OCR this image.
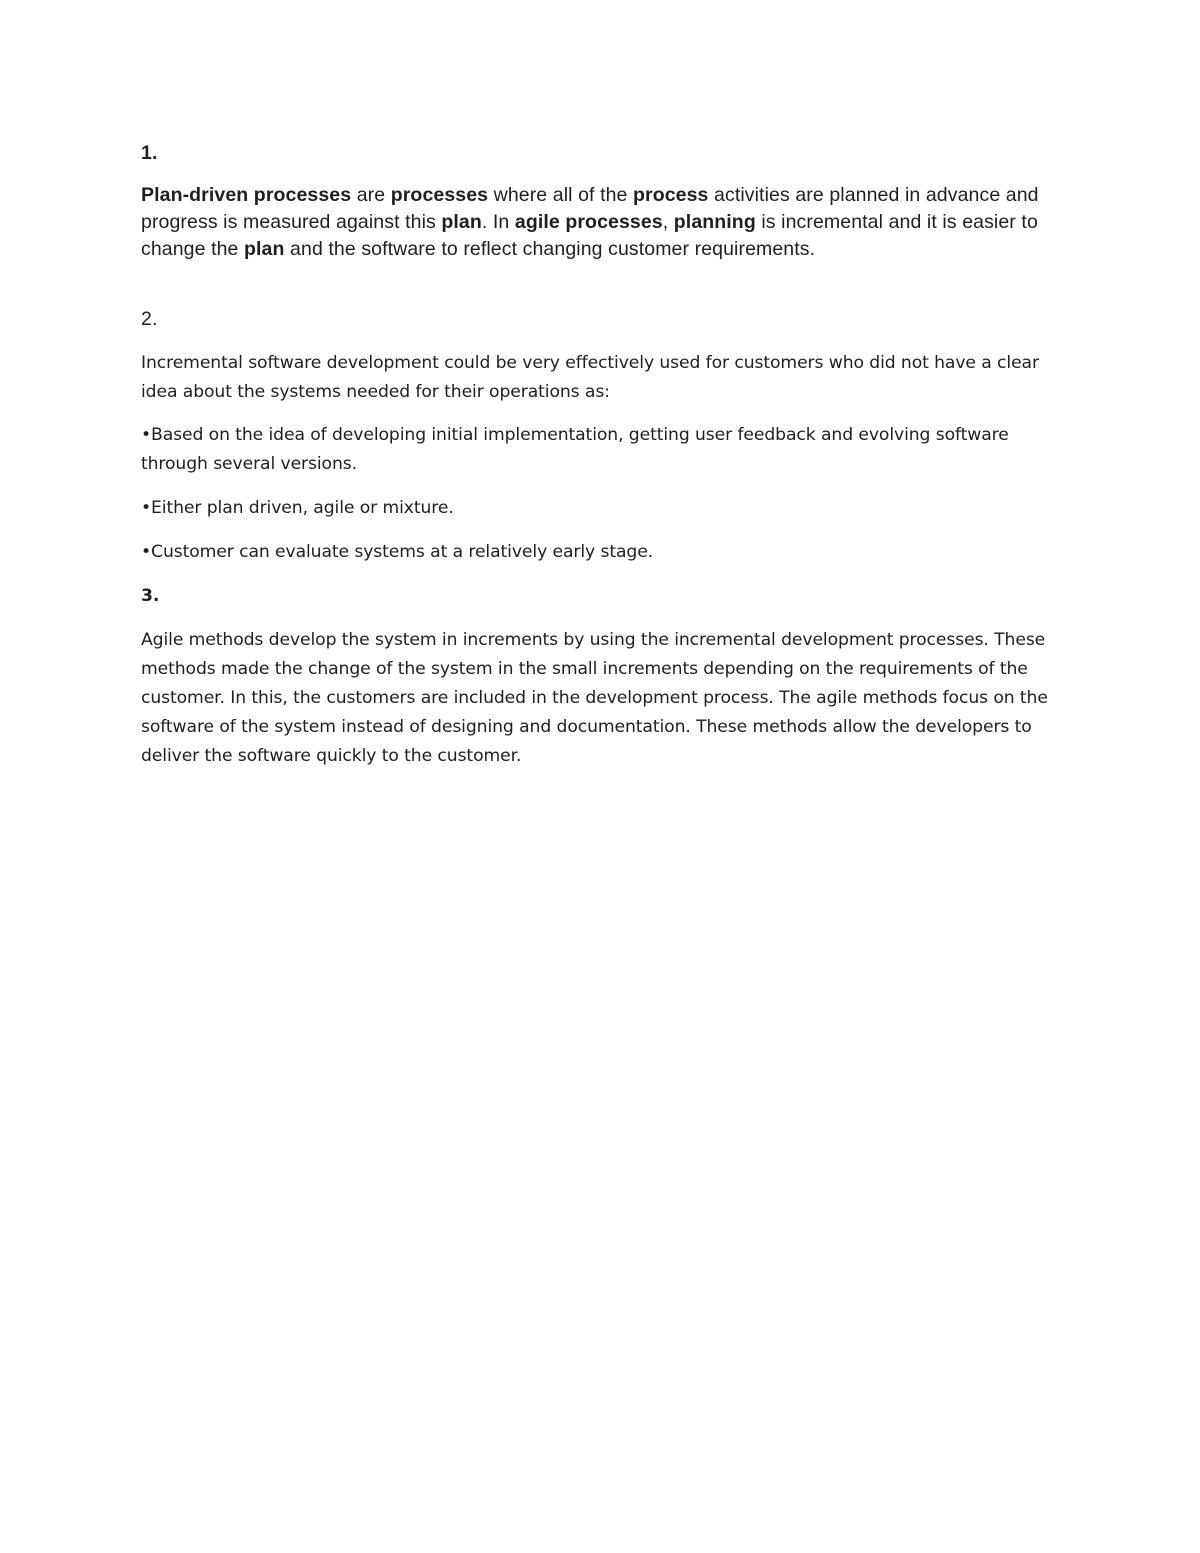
1.

Plan-driven processes are processes where all of the process activities are planned in advance and progress is measured against this plan. In agile processes, planning is incremental and it is easier to change the plan and the software to reflect changing customer requirements.

2.

Incremental software development could be very effectively used for customers who did not have a clear idea about the systems needed for their operations as:

•Based on the idea of developing initial implementation, getting user feedback and evolving software through several versions.

•Either plan driven, agile or mixture.

•Customer can evaluate systems at a relatively early stage.

3.

Agile methods develop the system in increments by using the incremental development processes. These methods made the change of the system in the small increments depending on the requirements of the customer. In this, the customers are included in the development process. The agile methods focus on the software of the system instead of designing and documentation. These methods allow the developers to deliver the software quickly to the customer.
